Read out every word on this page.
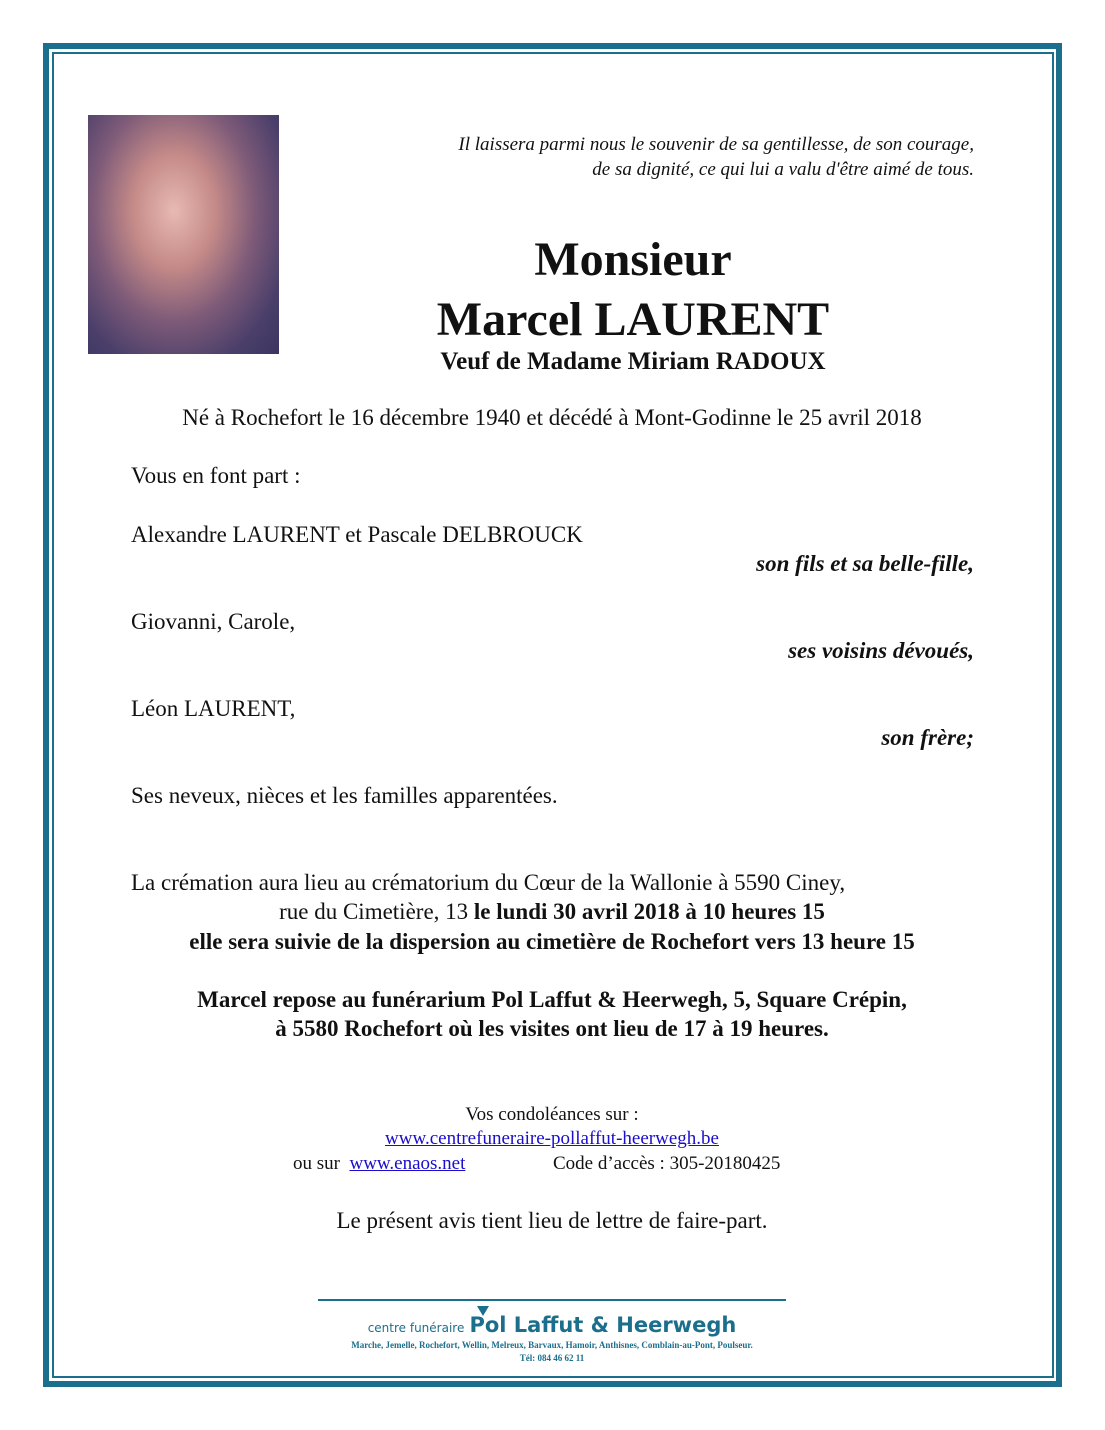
Il laissera parmi nous le souvenir de sa gentillesse, de son courage,
de sa dignité, ce qui lui a valu d'être aimé de tous.
Monsieur
Marcel LAURENT
Veuf de Madame Miriam RADOUX
Né à Rochefort le 16 décembre 1940 et décédé à Mont-Godinne le 25 avril 2018
Vous en font part :
Alexandre LAURENT et Pascale DELBROUCK
son fils et sa belle-fille,
Giovanni, Carole,
ses voisins dévoués,
Léon LAURENT,
son frère;
Ses neveux, nièces et les familles apparentées.
La crémation aura lieu au crématorium du Cœur de la Wallonie à 5590 Ciney,
rue du Cimetière, 13 le lundi 30 avril 2018 à 10 heures 15
elle sera suivie de la dispersion au cimetière de Rochefort vers 13 heure 15
Marcel repose au funérarium Pol Laffut & Heerwegh, 5, Square Crépin,
à 5580 Rochefort où les visites ont lieu de 17 à 19 heures.
Vos condoléances sur :
www.centrefuneraire-pollaffut-heerwegh.be
ou sur www.enaos.net	Code d’accès : 305-20180425
Le présent avis tient lieu de lettre de faire-part.
centre funéraire Pol Laffut & Heerwegh
Marche, Jemelle, Rochefort, Wellin, Melreux, Barvaux, Hamoir, Anthisnes, Comblain-au-Pont, Poulseur.
Tél: 084 46 62 11
